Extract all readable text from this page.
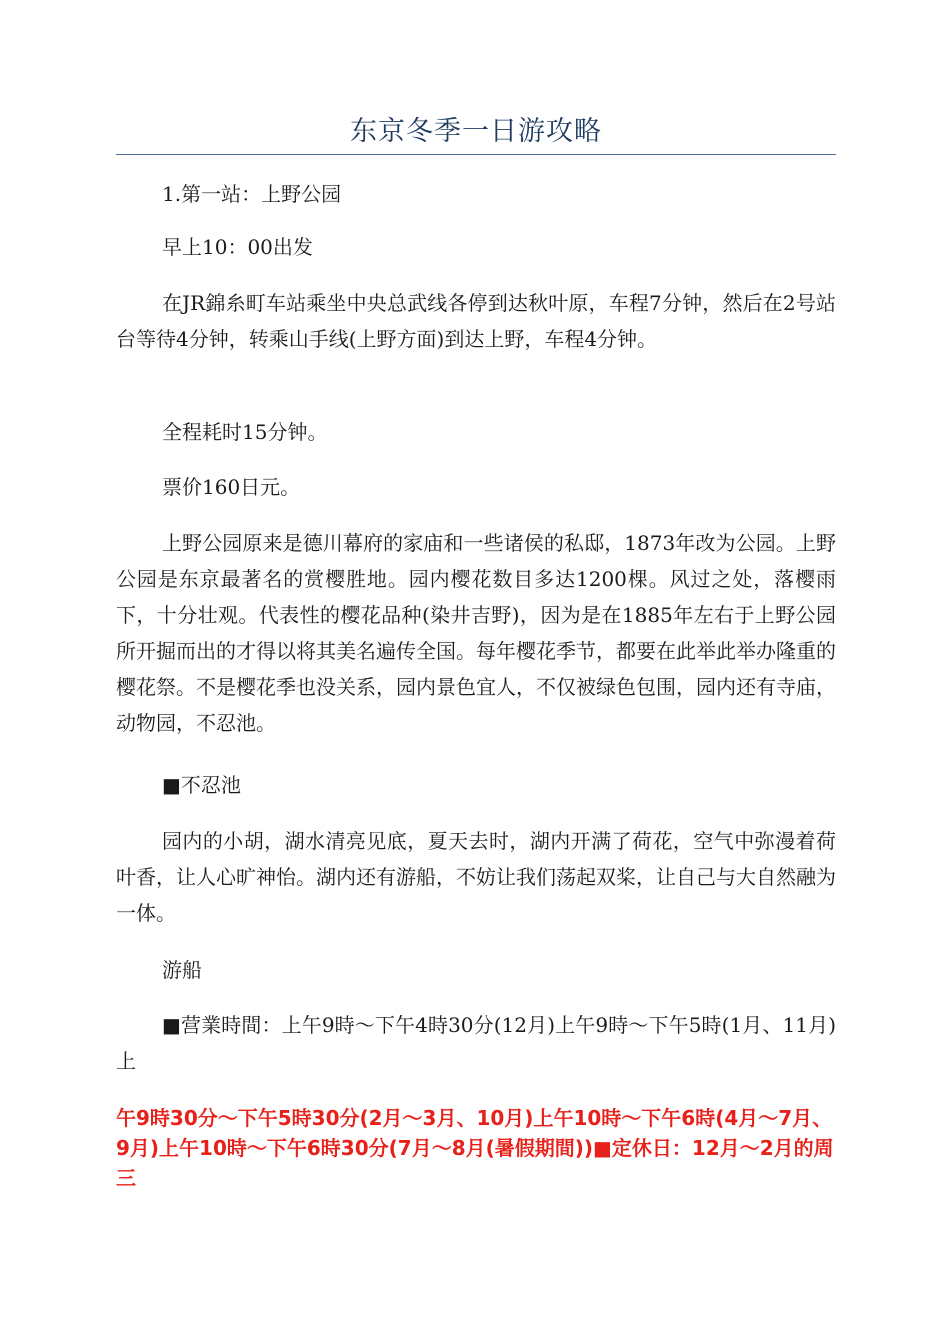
东京冬季一日游攻略

1.第一站：上野公园

早上10：00出发

在JR錦糸町车站乘坐中央总武线各停到达秋叶原，车程7分钟，然后在2号站台等待4分钟，转乘山手线(上野方面)到达上野，车程4分钟。

全程耗时15分钟。

票价160日元。

上野公园原来是德川幕府的家庙和一些诸侯的私邸，1873年改为公园。上野公园是东京最著名的赏樱胜地。园内樱花数目多达1200棵。风过之处，落樱雨下，十分壮观。代表性的樱花品种(染井吉野)，因为是在1885年左右于上野公园所开掘而出的才得以将其美名遍传全国。每年樱花季节，都要在此举此举办隆重的樱花祭。不是樱花季也没关系，园内景色宜人，不仅被绿色包围，园内还有寺庙，动物园，不忍池。

■不忍池

园内的小胡，湖水清亮见底，夏天去时，湖内开满了荷花，空气中弥漫着荷叶香，让人心旷神怡。湖内还有游船，不妨让我们荡起双桨，让自己与大自然融为一体。

游船

■营業時間：上午9時～下午4時30分(12月)上午9時～下午5時(1月、11月)上

午9時30分～下午5時30分(2月～3月、10月)上午10時～下午6時(4月～7月、9月)上午10時～下午6時30分(7月～8月(暑假期間))■定休日：12月～2月的周三
